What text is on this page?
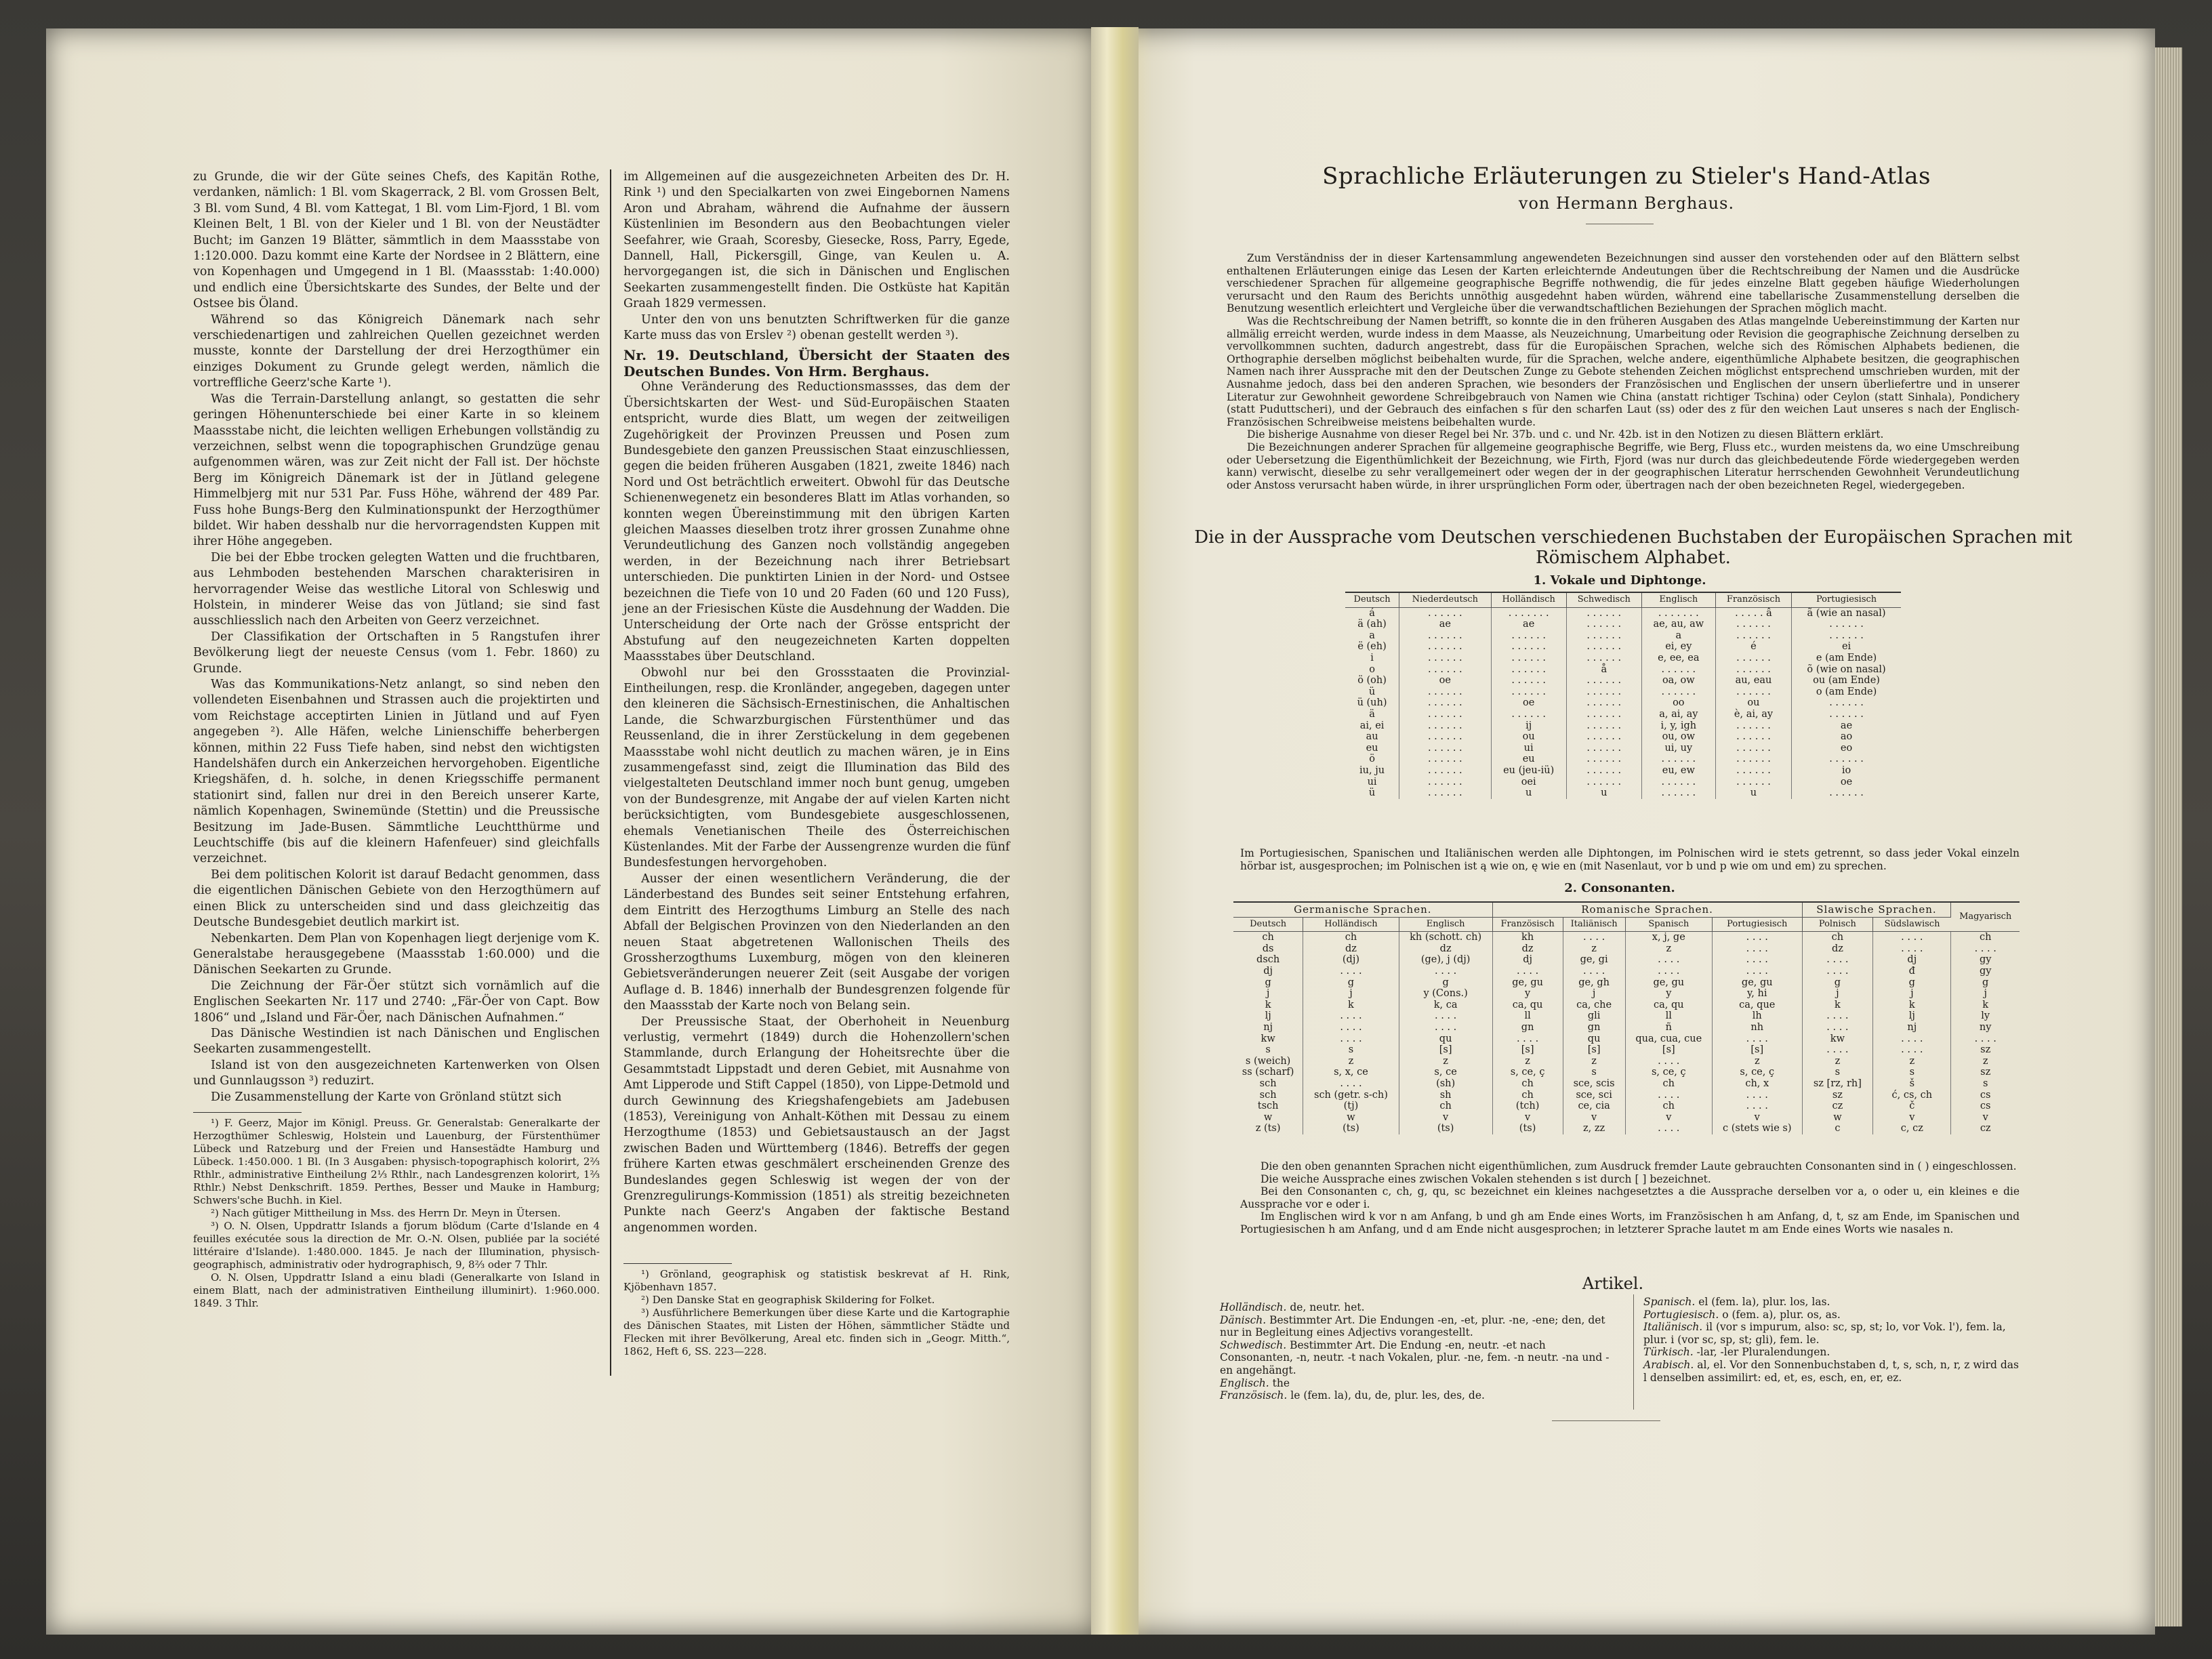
zu Grunde, die wir der Güte seines Chefs, des Kapitän Rothe, verdanken, nämlich: 1 Bl. vom Skagerrack, 2 Bl. vom Grossen Belt, 3 Bl. vom Sund, 4 Bl. vom Kattegat, 1 Bl. vom Lim-Fjord, 1 Bl. vom Kleinen Belt, 1 Bl. von der Kieler und 1 Bl. von der Neustädter Bucht; im Ganzen 19 Blätter, sämmtlich in dem Maassstabe von 1:120.000. Dazu kommt eine Karte der Nordsee in 2 Blättern, eine von Kopenhagen und Umgegend in 1 Bl. (Maassstab: 1:40.000) und endlich eine Übersichtskarte des Sundes, der Belte und der Ostsee bis Öland.

Während so das Königreich Dänemark nach sehr verschiedenartigen und zahlreichen Quellen gezeichnet werden musste, konnte der Darstellung der drei Herzogthümer ein einziges Dokument zu Grunde gelegt werden, nämlich die vortreffliche Geerz'sche Karte ¹).

Was die Terrain-Darstellung anlangt, so gestatten die sehr geringen Höhenunterschiede bei einer Karte in so kleinem Maassstabe nicht, die leichten welligen Erhebungen vollständig zu verzeichnen, selbst wenn die topographischen Grundzüge genau aufgenommen wären, was zur Zeit nicht der Fall ist. Der höchste Berg im Königreich Dänemark ist der in Jütland gelegene Himmelbjerg mit nur 531 Par. Fuss Höhe, während der 489 Par. Fuss hohe Bungs-Berg den Kulminationspunkt der Herzogthümer bildet. Wir haben desshalb nur die hervorragendsten Kuppen mit ihrer Höhe angegeben.

Die bei der Ebbe trocken gelegten Watten und die fruchtbaren, aus Lehmboden bestehenden Marschen charakterisiren in hervorragender Weise das westliche Litoral von Schleswig und Holstein, in minderer Weise das von Jütland; sie sind fast ausschliesslich nach den Arbeiten von Geerz verzeichnet.

Der Classifikation der Ortschaften in 5 Rangstufen ihrer Bevölkerung liegt der neueste Census (vom 1. Febr. 1860) zu Grunde.

Was das Kommunikations-Netz anlangt, so sind neben den vollendeten Eisenbahnen und Strassen auch die projektirten und vom Reichstage acceptirten Linien in Jütland und auf Fyen angegeben ²). Alle Häfen, welche Linienschiffe beherbergen können, mithin 22 Fuss Tiefe haben, sind nebst den wichtigsten Handelshäfen durch ein Ankerzeichen hervorgehoben. Eigentliche Kriegshäfen, d. h. solche, in denen Kriegsschiffe permanent stationirt sind, fallen nur drei in den Bereich unserer Karte, nämlich Kopenhagen, Swinemünde (Stettin) und die Preussische Besitzung im Jade-Busen. Sämmtliche Leuchtthürme und Leuchtschiffe (bis auf die kleinern Hafenfeuer) sind gleichfalls verzeichnet.

Bei dem politischen Kolorit ist darauf Bedacht genommen, dass die eigentlichen Dänischen Gebiete von den Herzogthümern auf einen Blick zu unterscheiden sind und dass gleichzeitig das Deutsche Bundesgebiet deutlich markirt ist.

Nebenkarten. Dem Plan von Kopenhagen liegt derjenige vom K. Generalstabe herausgegebene (Maassstab 1:60.000) und die Dänischen Seekarten zu Grunde.

Die Zeichnung der Fär-Öer stützt sich vornämlich auf die Englischen Seekarten Nr. 117 und 2740: „Fär-Öer von Capt. Bow 1806“ und „Island und Fär-Öer, nach Dänischen Aufnahmen.“

Das Dänische Westindien ist nach Dänischen und Englischen Seekarten zusammengestellt.

Island ist von den ausgezeichneten Kartenwerken von Olsen und Gunnlaugsson ³) reduzirt.

Die Zusammenstellung der Karte von Grönland stützt sich

¹) F. Geerz, Major im Königl. Preuss. Gr. Generalstab: Generalkarte der Herzogthümer Schleswig, Holstein und Lauenburg, der Fürstenthümer Lübeck und Ratzeburg und der Freien und Hansestädte Hamburg und Lübeck. 1:450.000. 1 Bl. (In 3 Ausgaben: physisch-topographisch kolorirt, 2⅔ Rthlr., administrative Eintheilung 2⅓ Rthlr., nach Landesgrenzen kolorirt, 1⅔ Rthlr.) Nebst Denkschrift. 1859. Perthes, Besser und Mauke in Hamburg; Schwers'sche Buchh. in Kiel.

²) Nach gütiger Mittheilung in Mss. des Herrn Dr. Meyn in Ütersen.

³) O. N. Olsen, Uppdrattr Islands a fjorum blödum (Carte d'Islande en 4 feuilles exécutée sous la direction de Mr. O.-N. Olsen, publiée par la société littéraire d'Islande). 1:480.000. 1845. Je nach der Illumination, physisch-geographisch, administrativ oder hydrographisch, 9, 8⅔ oder 7 Thlr.

O. N. Olsen, Uppdrattr Island a einu bladi (Generalkarte von Island in einem Blatt, nach der administrativen Eintheilung illuminirt). 1:960.000. 1849. 3 Thlr.

im Allgemeinen auf die ausgezeichneten Arbeiten des Dr. H. Rink ¹) und den Specialkarten von zwei Eingebornen Namens Aron und Abraham, während die Aufnahme der äussern Küstenlinien im Besondern aus den Beobachtungen vieler Seefahrer, wie Graah, Scoresby, Giesecke, Ross, Parry, Egede, Dannell, Hall, Pickersgill, Ginge, van Keulen u. A. hervorgegangen ist, die sich in Dänischen und Englischen Seekarten zusammengestellt finden. Die Ostküste hat Kapitän Graah 1829 vermessen.

Unter den von uns benutzten Schriftwerken für die ganze Karte muss das von Erslev ²) obenan gestellt werden ³).

Nr. 19. Deutschland, Übersicht der Staaten des Deutschen Bundes. Von Hrm. Berghaus.

Ohne Veränderung des Reductionsmassses, das dem der Übersichtskarten der West- und Süd-Europäischen Staaten entspricht, wurde dies Blatt, um wegen der zeitweiligen Zugehörigkeit der Provinzen Preussen und Posen zum Bundesgebiete den ganzen Preussischen Staat einzuschliessen, gegen die beiden früheren Ausgaben (1821, zweite 1846) nach Nord und Ost beträchtlich erweitert. Obwohl für das Deutsche Schienenwegenetz ein besonderes Blatt im Atlas vorhanden, so konnten wegen Übereinstimmung mit den übrigen Karten gleichen Maasses dieselben trotz ihrer grossen Zunahme ohne Verundeutlichung des Ganzen noch vollständig angegeben werden, in der Bezeichnung nach ihrer Betriebsart unterschieden. Die punktirten Linien in der Nord- und Ostsee bezeichnen die Tiefe von 10 und 20 Faden (60 und 120 Fuss), jene an der Friesischen Küste die Ausdehnung der Wadden. Die Unterscheidung der Orte nach der Grösse entspricht der Abstufung auf den neugezeichneten Karten doppelten Maassstabes über Deutschland.

Obwohl nur bei den Grossstaaten die Provinzial-Eintheilungen, resp. die Kronländer, angegeben, dagegen unter den kleineren die Sächsisch-Ernestinischen, die Anhaltischen Lande, die Schwarzburgischen Fürstenthümer und das Reussenland, die in ihrer Zerstückelung in dem gegebenen Maassstabe wohl nicht deutlich zu machen wären, je in Eins zusammengefasst sind, zeigt die Illumination das Bild des vielgestalteten Deutschland immer noch bunt genug, umgeben von der Bundesgrenze, mit Angabe der auf vielen Karten nicht berücksichtigten, vom Bundesgebiete ausgeschlossenen, ehemals Venetianischen Theile des Österreichischen Küstenlandes. Mit der Farbe der Aussengrenze wurden die fünf Bundesfestungen hervorgehoben.

Ausser der einen wesentlichern Veränderung, die der Länderbestand des Bundes seit seiner Entstehung erfahren, dem Eintritt des Herzogthums Limburg an Stelle des nach Abfall der Belgischen Provinzen von den Niederlanden an den neuen Staat abgetretenen Wallonischen Theils des Grossherzogthums Luxemburg, mögen von den kleineren Gebietsveränderungen neuerer Zeit (seit Ausgabe der vorigen Auflage d. B. 1846) innerhalb der Bundesgrenzen folgende für den Maassstab der Karte noch von Belang sein.

Der Preussische Staat, der Oberhoheit in Neuenburg verlustig, vermehrt (1849) durch die Hohenzollern'schen Stammlande, durch Erlangung der Hoheitsrechte über die Gesammtstadt Lippstadt und deren Gebiet, mit Ausnahme von Amt Lipperode und Stift Cappel (1850), von Lippe-Detmold und durch Gewinnung des Kriegshafengebiets am Jadebusen (1853), Vereinigung von Anhalt-Köthen mit Dessau zu einem Herzogthume (1853) und Gebietsaustausch an der Jagst zwischen Baden und Württemberg (1846). Betreffs der gegen frühere Karten etwas geschmälert erscheinenden Grenze des Bundeslandes gegen Schleswig ist wegen der von der Grenzregulirungs-Kommission (1851) als streitig bezeichneten Punkte nach Geerz's Angaben der faktische Bestand angenommen worden.

¹) Grönland, geographisk og statistisk beskrevat af H. Rink, Kjöbenhavn 1857.

²) Den Danske Stat en geographisk Skildering for Folket.

³) Ausführlichere Bemerkungen über diese Karte und die Kartographie des Dänischen Staates, mit Listen der Höhen, sämmtlicher Städte und Flecken mit ihrer Bevölkerung, Areal etc. finden sich in „Geogr. Mitth.“, 1862, Heft 6, SS. 223—228.

Sprachliche Erläuterungen zu Stieler's Hand-Atlas
von Hermann Berghaus.

Zum Verständniss der in dieser Kartensammlung angewendeten Bezeichnungen sind ausser den vorstehenden oder auf den Blättern selbst enthaltenen Erläuterungen einige das Lesen der Karten erleichternde Andeutungen über die Rechtschreibung der Namen und die Ausdrücke verschiedener Sprachen für allgemeine geographische Begriffe nothwendig, die für jedes einzelne Blatt gegeben häufige Wiederholungen verursacht und den Raum des Berichts unnöthig ausgedehnt haben würden, während eine tabellarische Zusammenstellung derselben die Benutzung wesentlich erleichtert und Vergleiche über die verwandtschaftlichen Beziehungen der Sprachen möglich macht.

Was die Rechtschreibung der Namen betrifft, so konnte die in den früheren Ausgaben des Atlas mangelnde Uebereinstimmung der Karten nur allmälig erreicht werden, wurde indess in dem Maasse, als Neuzeichnung, Umarbeitung oder Revision die geographische Zeichnung derselben zu vervollkommnen suchten, dadurch angestrebt, dass für die Europäischen Sprachen, welche sich des Römischen Alphabets bedienen, die Orthographie derselben möglichst beibehalten wurde, für die Sprachen, welche andere, eigenthümliche Alphabete besitzen, die geographischen Namen nach ihrer Aussprache mit den der Deutschen Zunge zu Gebote stehenden Zeichen möglichst entsprechend umschrieben wurden, mit der Ausnahme jedoch, dass bei den anderen Sprachen, wie besonders der Französischen und Englischen der unsern überliefertre und in unserer Literatur zur Gewohnheit gewordene Schreibgebrauch von Namen wie China (anstatt richtiger Tschina) oder Ceylon (statt Sinhala), Pondichery (statt Puduttscheri), und der Gebrauch des einfachen s für den scharfen Laut (ss) oder des z für den weichen Laut unseres s nach der Englisch-Französischen Schreibweise meistens beibehalten wurde.

Die bisherige Ausnahme von dieser Regel bei Nr. 37b. und c. und Nr. 42b. ist in den Notizen zu diesen Blättern erklärt.

Die Bezeichnungen anderer Sprachen für allgemeine geographische Begriffe, wie Berg, Fluss etc., wurden meistens da, wo eine Umschreibung oder Uebersetzung die Eigenthümlichkeit der Bezeichnung, wie Firth, Fjord (was nur durch das gleichbedeutende Förde wiedergegeben werden kann) verwischt, dieselbe zu sehr verallgemeinert oder wegen der in der geographischen Literatur herrschenden Gewohnheit Verundeutlichung oder Anstoss verursacht haben würde, in ihrer ursprünglichen Form oder, übertragen nach der oben bezeichneten Regel, wiedergegeben.

Die in der Aussprache vom Deutschen verschiedenen Buchstaben der Europäischen Sprachen mit Römischem Alphabet.
1. Vokale und Diphtonge.
Deutsch	Niederdeutsch	Holländisch	Schwedisch	Englisch	Französisch	Portugiesisch
á	. . . . . .	. . . . . . .	. . . . . .	. . . . . . .	. . . . . â	ã (wie an nasal)
ä (ah)	ae	ae	. . . . . .	ae, au, aw	. . . . . .	. . . . . .
a	. . . . . .	. . . . . .	. . . . . .	a	. . . . . .	. . . . . .
ë (eh)	. . . . . .	. . . . . .	. . . . . .	ei, ey	é	ei
i	. . . . . .	. . . . . .	. . . . . .	e, ee, ea	. . . . . .	e (am Ende)
o	. . . . . .	. . . . . .	å	. . . . . .	. . . . . .	õ (wie on nasal)
ö (oh)	oe	. . . . . .	. . . . . .	oa, ow	au, eau	ou (am Ende)
ü	. . . . . .	. . . . . .	. . . . . .	. . . . . .	. . . . . .	o (am Ende)
ü (uh)	. . . . . .	oe	. . . . . .	oo	ou	. . . . . .
ä	. . . . . .	. . . . . .	. . . . . .	a, ai, ay	è, ai, ay	. . . . . .
ai, ei	. . . . . .	ij	. . . . . .	i, y, igh	. . . . . .	ae
au	. . . . . .	ou	. . . . . .	ou, ow	. . . . . .	ao
eu	. . . . . .	ui	. . . . . .	ui, uy	. . . . . .	eo
ö	. . . . . .	eu	. . . . . .	. . . . . .	. . . . . .	. . . . . .
iu, ju	. . . . . .	eu (jeu-iü)	. . . . . .	eu, ew	. . . . . .	io
ui	. . . . . .	oei	. . . . . .	. . . . . .	. . . . . .	oe
ü	. . . . . .	u	u	. . . . . .	u	. . . . . .
Im Portugiesischen, Spanischen und Italiänischen werden alle Diphtongen, im Polnischen wird ie stets getrennt, so dass jeder Vokal einzeln hörbar ist, ausgesprochen; im Polnischen ist ą wie on, ę wie en (mit Nasenlaut, vor b und p wie om und em) zu sprechen.
2. Consonanten.
Germanische Sprachen.			Romanische Sprachen.				Slawische Sprachen.		Magyarisch
Deutsch	Holländisch	Englisch	Französisch	Italiänisch	Spanisch	Portugiesisch	Polnisch	Südslawisch	
ch	ch	kh (schott. ch)	kh	. . . .	x, j, ge	. . . .	ch	. . . .	ch
ds	dz	dz	dz	z	z	. . . .	dz	. . . .	. . . .
dsch	(dj)	(ge), j (dj)	dj	ge, gi	. . . .	. . . .	. . . .	dj	gy
dj	. . . .	. . . .	. . . .	. . . .	. . . .	. . . .	. . . .	đ	gy
g	g	g	ge, gu	ge, gh	ge, gu	ge, gu	g	g	g
j	j	y (Cons.)	y	j	y	y, hi	j	j	j
k	k	k, ca	ca, qu	ca, che	ca, qu	ca, que	k	k	k
lj	. . . .	. . . .	ll	gli	ll	lh	. . . .	lj	ly
nj	. . . .	. . . .	gn	gn	ñ	nh	. . . .	nj	ny
kw	. . . .	qu	. . . .	qu	qua, cua, cue	. . . .	kw	. . . .	. . . .
s	s	[s]	[s]	[s]	[s]	[s]	. . . .	. . . .	sz
s (weich)	z	z	z	z	. . . .	z	z	z	z
ss (scharf)	s, x, ce	s, ce	s, ce, ç	s	s, ce, ç	s, ce, ç	s	s	sz
sch	. . . .	(sh)	ch	sce, scis	ch	ch, x	sz [rz, rh]	š	s
sch	sch (getr. s-ch)	sh	ch	sce, sci	. . . .	. . . .	sz	ć, cs, ch	cs
tsch	(tj)	ch	(tch)	ce, cia	ch	. . . .	cz	č	cs
w	w	v	v	v	v	v	w	v	v
z (ts)	(ts)	(ts)	(ts)	z, zz	. . . .	c (stets wie s)	c	c, cz	cz

Die den oben genannten Sprachen nicht eigenthümlichen, zum Ausdruck fremder Laute gebrauchten Consonanten sind in ( ) eingeschlossen.

Die weiche Aussprache eines zwischen Vokalen stehenden s ist durch [ ] bezeichnet.

Bei den Consonanten c, ch, g, qu, sc bezeichnet ein kleines nachgesetztes a die Aussprache derselben vor a, o oder u, ein kleines e die Aussprache vor e oder i.

Im Englischen wird k vor n am Anfang, b und gh am Ende eines Worts, im Französischen h am Anfang, d, t, sz am Ende, im Spanischen und Portugiesischen h am Anfang, und d am Ende nicht ausgesprochen; in letzterer Sprache lautet m am Ende eines Worts wie nasales n.

Artikel.
Holländisch. de, neutr. het.
Dänisch. Bestimmter Art. Die Endungen -en, -et, plur. -ne, -ene; den, det nur in Begleitung eines Adjectivs vorangestellt.
Schwedisch. Bestimmter Art. Die Endung -en, neutr. -et nach Consonanten, -n, neutr. -t nach Vokalen, plur. -ne, fem. -n neutr. -na und -en angehängt.
Englisch. the
Französisch. le (fem. la), du, de, plur. les, des, de.
Spanisch. el (fem. la), plur. los, las.
Portugiesisch. o (fem. a), plur. os, as.
Italiänisch. il (vor s impurum, also: sc, sp, st; lo, vor Vok. l'), fem. la, plur. i (vor sc, sp, st; gli), fem. le.
Türkisch. -lar, -ler Pluralendungen.
Arabisch. al, el. Vor den Sonnenbuchstaben d, t, s, sch, n, r, z wird das l denselben assimilirt: ed, et, es, esch, en, er, ez.
